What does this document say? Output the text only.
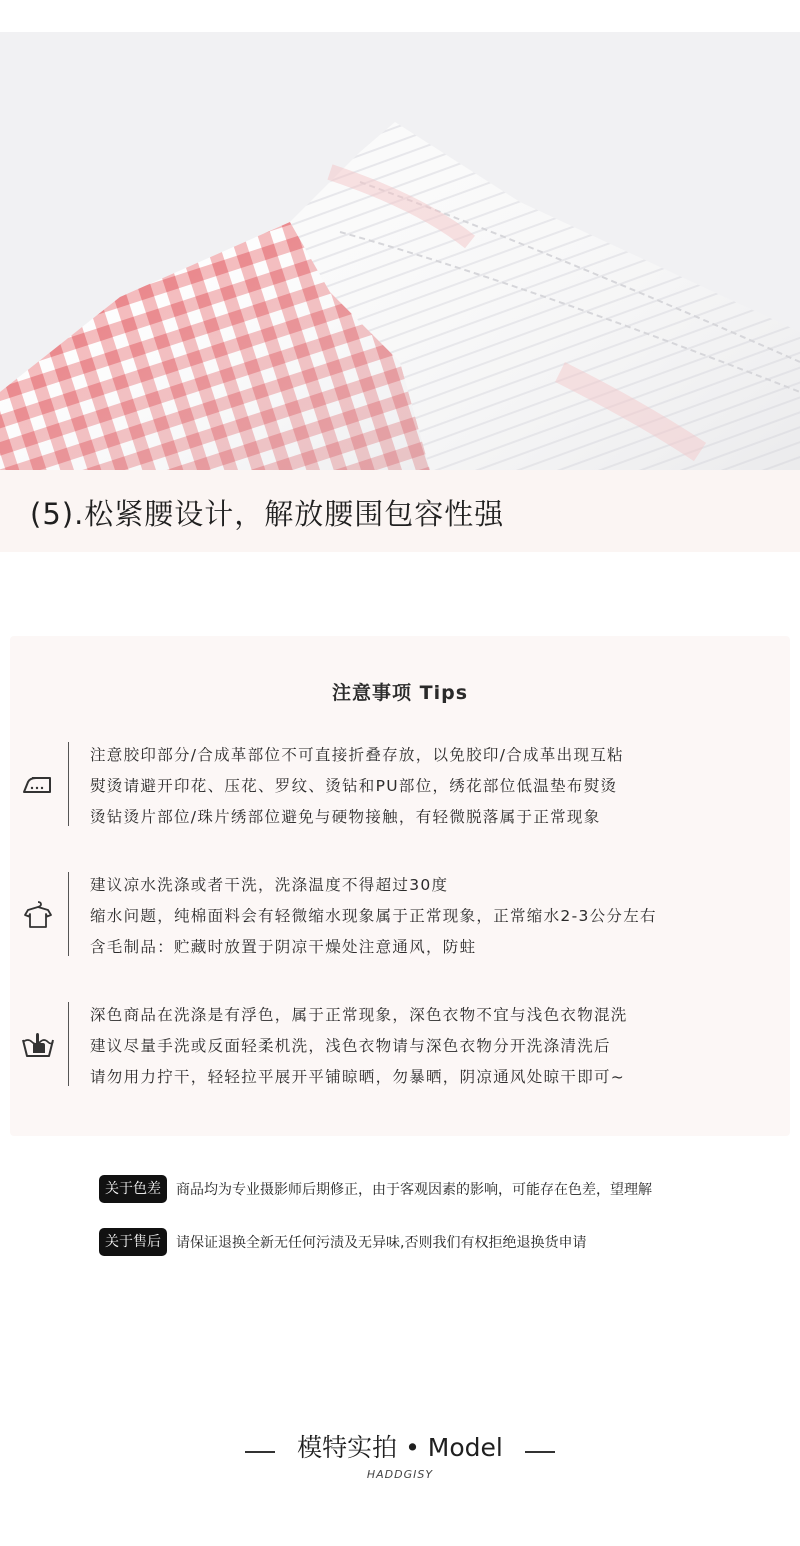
(5).松紧腰设计，解放腰围包容性强
注意事项 Tips
注意胶印部分/合成革部位不可直接折叠存放，以免胶印/合成革出现互粘
熨烫请避开印花、压花、罗纹、烫钻和PU部位，绣花部位低温垫布熨烫
烫钻烫片部位/珠片绣部位避免与硬物接触，有轻微脱落属于正常现象
建议凉水洗涤或者干洗，洗涤温度不得超过30度
缩水问题，纯棉面料会有轻微缩水现象属于正常现象，正常缩水2-3公分左右
含毛制品：贮藏时放置于阴凉干燥处注意通风，防蛀
深色商品在洗涤是有浮色，属于正常现象，深色衣物不宜与浅色衣物混洗
建议尽量手洗或反面轻柔机洗，浅色衣物请与深色衣物分开洗涤清洗后
请勿用力拧干，轻轻拉平展开平铺晾晒，勿暴晒，阴凉通风处晾干即可~
关于色差 商品均为专业摄影师后期修正，由于客观因素的影响，可能存在色差，望理解
关于售后 请保证退换全新无任何污渍及无异味,否则我们有权拒绝退换货申请
模特实拍 • Model
HADDGISY
